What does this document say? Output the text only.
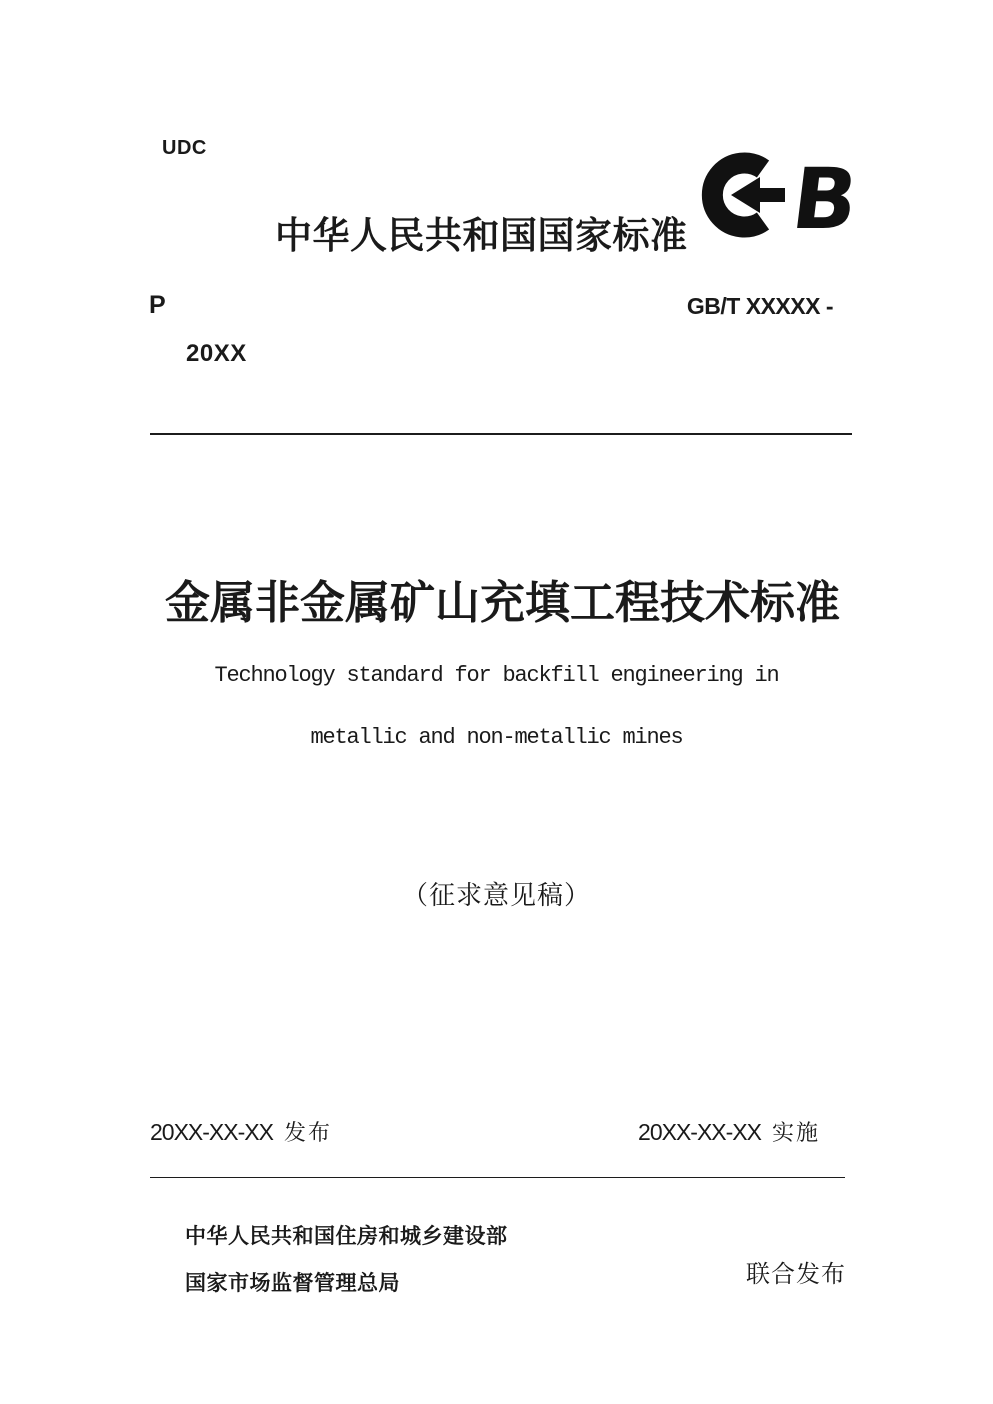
UDC
中华人民共和国国家标准 B
P	GB/T XXXXX -
20XX
金属非金属矿山充填工程技术标准
Technology standard for backfill engineering in
metallic and non-metallic mines
（征求意见稿）
20XX-XX-XX 发布	20XX-XX-XX 实施
中华人民共和国住房和城乡建设部
国家市场监督管理总局	联合发布
